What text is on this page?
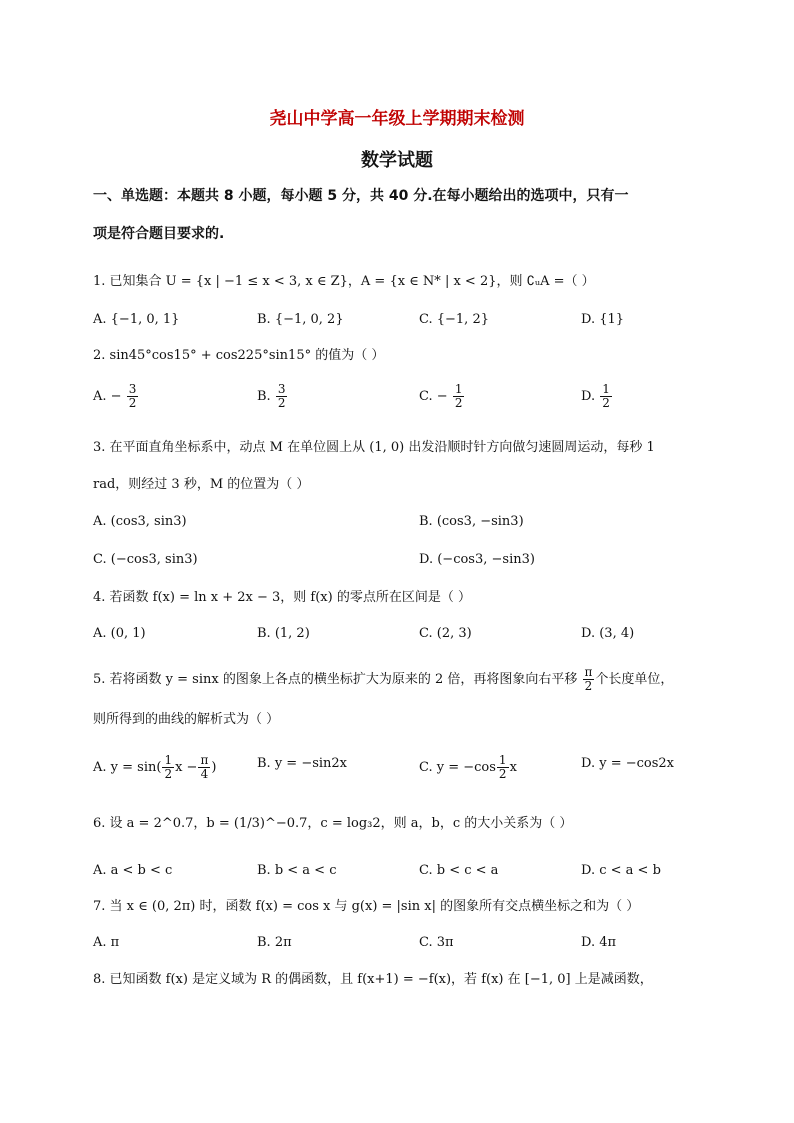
尧山中学高一年级上学期期末检测
数学试题
一、单选题：本题共 8 小题，每小题 5 分，共 40 分.在每小题给出的选项中，只有一
项是符合题目要求的.
1. 已知集合 U = {x | −1 ≤ x < 3, x ∈ Z}，A = {x ∈ N* | x < 2}，则 ∁ᵤA =（ ）
A. {−1, 0, 1}	B. {−1, 0, 2}	C. {−1, 2}	D. {1}
2. sin45°cos15° + cos225°sin15° 的值为（ ）
A. − $\frac{3}{2}$	B. $\frac{3}{2}$	C. − $\frac{1}{2}$	D. $\frac{1}{2}$
3. 在平面直角坐标系中，动点 M 在单位圆上从 (1, 0) 出发沿顺时针方向做匀速圆周运动，每秒 1
rad，则经过 3 秒，M 的位置为（ ）
A. (cos3, sin3)	B. (cos3, −sin3)
C. (−cos3, sin3)	D. (−cos3, −sin3)
4. 若函数 f(x) = ln x + 2x − 3，则 f(x) 的零点所在区间是（ ）
A. (0, 1)	B. (1, 2)	C. (2, 3)	D. (3, 4)
5. 若将函数 y = sinx 的图象上各点的横坐标扩大为原来的 2 倍，再将图象向右平移 $\frac{\pi}{2}$ 个长度单位，
则所得到的曲线的解析式为（ ）
A. $y = \sin( \frac{1}{2}$ $x - \frac{\pi}{4}$ )	B. y = −sin2x	C. $y = -\cos \frac{1}{2}$ x	D. y = −cos2x
6. 设 a = 2^0.7，b = (1/3)^−0.7，c = log₃2，则 a，b，c 的大小关系为（ ）
A. a < b < c	B. b < a < c	C. b < c < a	D. c < a < b
7. 当 x ∈ (0, 2π) 时，函数 f(x) = cos x 与 g(x) = |sin x| 的图象所有交点横坐标之和为（ ）
A. π	B. 2π	C. 3π	D. 4π
8. 已知函数 f(x) 是定义域为 R 的偶函数，且 f(x+1) = −f(x)，若 f(x) 在 [−1, 0] 上是减函数，
